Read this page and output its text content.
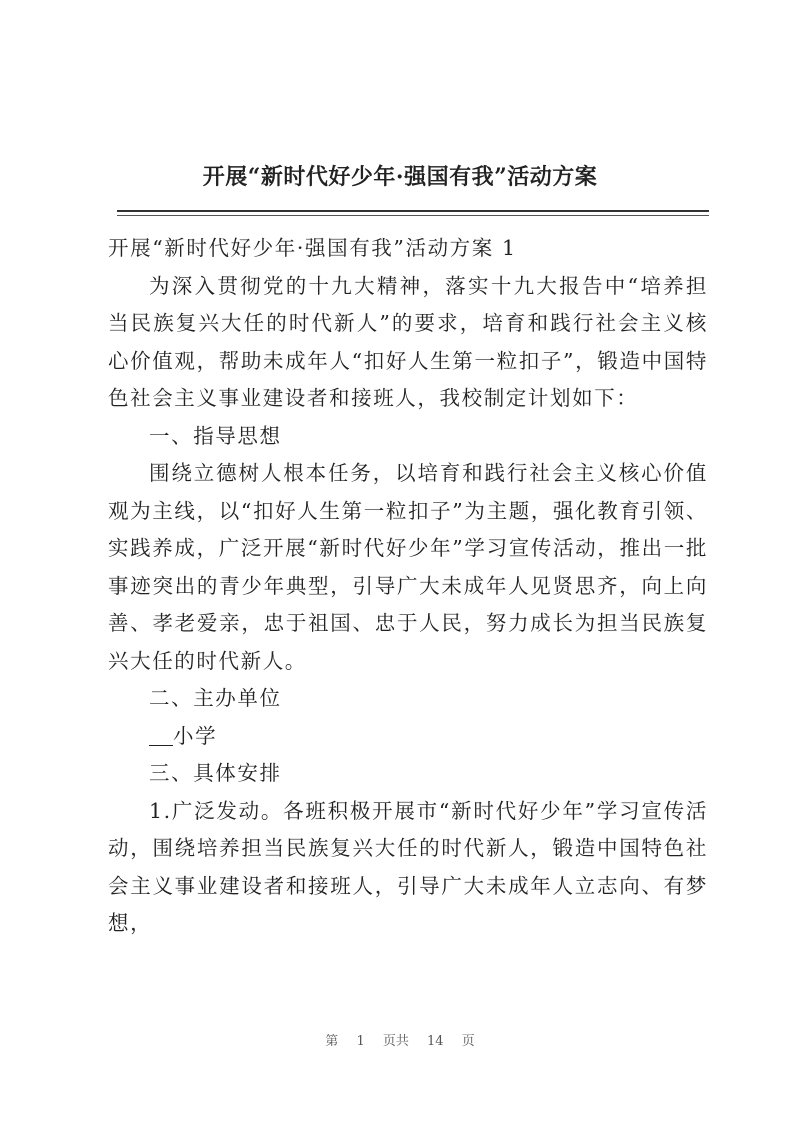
开展“新时代好少年·强国有我”活动方案

开展“新时代好少年·强国有我”活动方案 1

为深入贯彻党的十九大精神，落实十九大报告中“培养担当民族复兴大任的时代新人”的要求，培育和践行社会主义核心价值观，帮助未成年人“扣好人生第一粒扣子”，锻造中国特色社会主义事业建设者和接班人，我校制定计划如下：

一、指导思想

围绕立德树人根本任务，以培育和践行社会主义核心价值观为主线，以“扣好人生第一粒扣子”为主题，强化教育引领、实践养成，广泛开展“新时代好少年”学习宣传活动，推出一批事迹突出的青少年典型，引导广大未成年人见贤思齐，向上向善、孝老爱亲，忠于祖国、忠于人民，努力成长为担当民族复兴大任的时代新人。

二、主办单位

小学

三、具体安排

1.广泛发动。各班积极开展市“新时代好少年”学习宣传活动，围绕培养担当民族复兴大任的时代新人，锻造中国特色社会主义事业建设者和接班人，引导广大未成年人立志向、有梦想，

第 1 页共 14 页
